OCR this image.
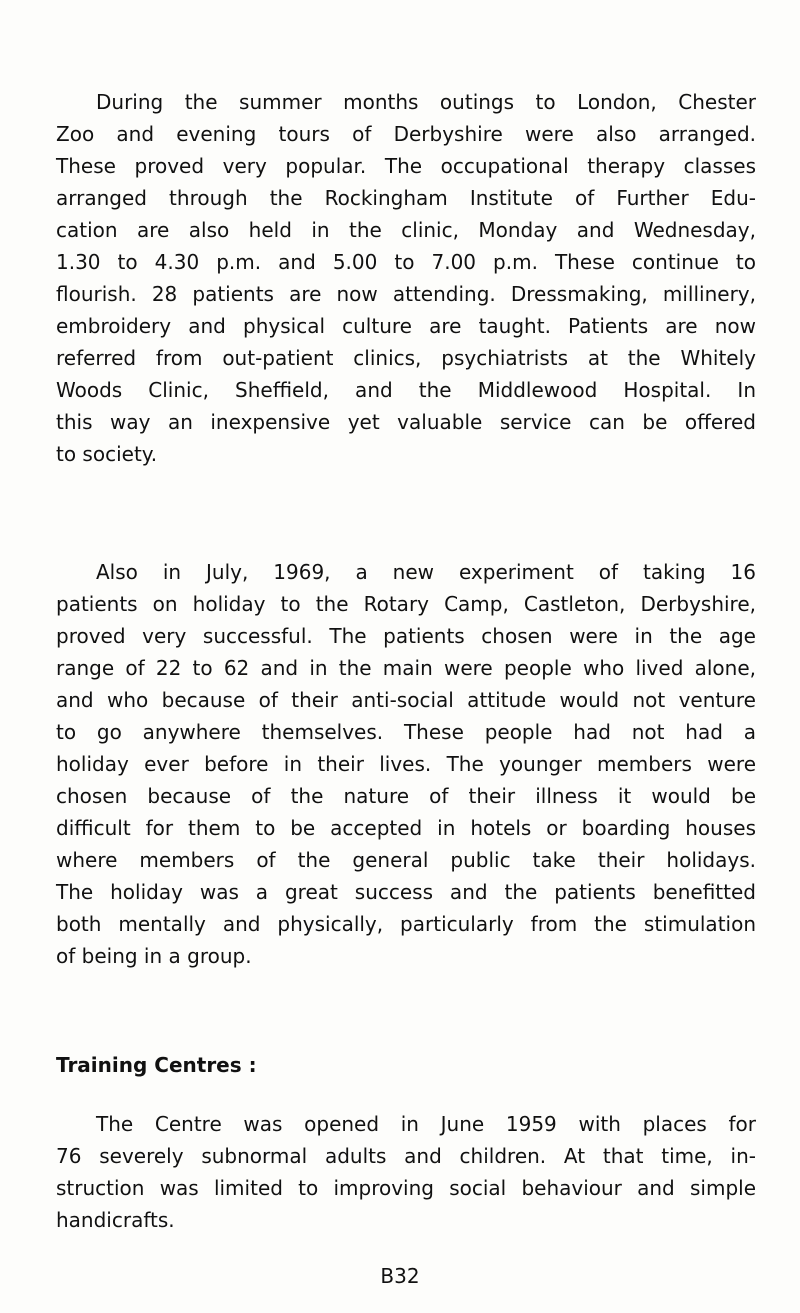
During the summer months outings to London, Chester
Zoo and evening tours of Derbyshire were also arranged.
These proved very popular. The occupational therapy classes
arranged through the Rockingham Institute of Further Edu-
cation are also held in the clinic, Monday and Wednesday,
1.30 to 4.30 p.m. and 5.00 to 7.00 p.m. These continue to
flourish. 28 patients are now attending. Dressmaking, millinery,
embroidery and physical culture are taught. Patients are now
referred from out-patient clinics, psychiatrists at the Whitely
Woods Clinic, Sheffield, and the Middlewood Hospital. In
this way an inexpensive yet valuable service can be offered
to society.
Also in July, 1969, a new experiment of taking 16
patients on holiday to the Rotary Camp, Castleton, Derbyshire,
proved very successful. The patients chosen were in the age
range of 22 to 62 and in the main were people who lived alone,
and who because of their anti-social attitude would not venture
to go anywhere themselves. These people had not had a
holiday ever before in their lives. The younger members were
chosen because of the nature of their illness it would be
difficult for them to be accepted in hotels or boarding houses
where members of the general public take their holidays.
The holiday was a great success and the patients benefitted
both mentally and physically, particularly from the stimulation
of being in a group.
Training Centres :
The Centre was opened in June 1959 with places for
76 severely subnormal adults and children. At that time, in-
struction was limited to improving social behaviour and simple
handicrafts.
B32
